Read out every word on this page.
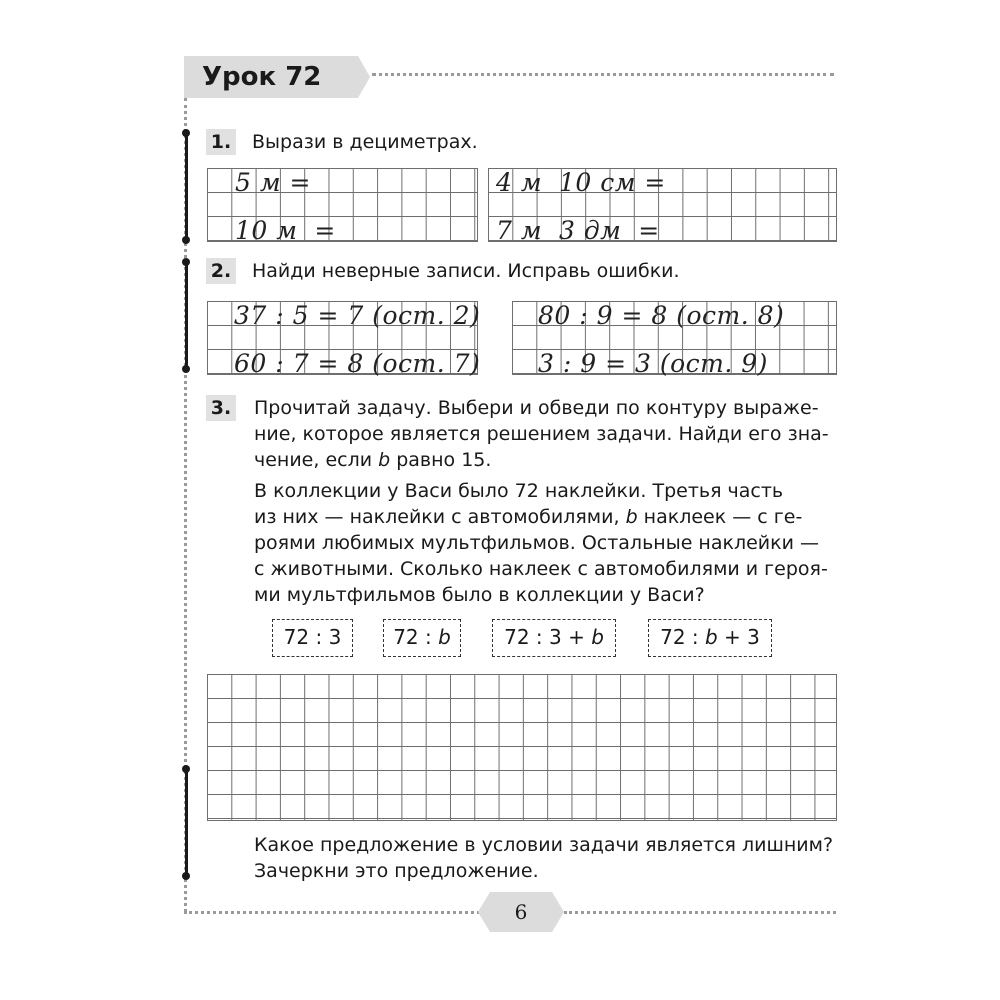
Урок 72
1. Вырази в дециметрах.
5 м =	4 м  10 см =
10 м  =	7 м  3 дм  =
2. Найди неверные записи. Исправь ошибки.
37 : 5 = 7 (ост. 2) 80 : 9 = 8 (ост. 8)
60 : 7 = 8 (ост. 7) 3 : 9 = 3 (ост. 9)
3. Прочитай задачу. Выбери и обведи по контуру выраже-
ние, которое является решением задачи. Найди его зна-
чение, если b равно 15.
В коллекции у Васи было 72 наклейки. Третья часть
из них — наклейки с автомобилями, b наклеек — с ге-
роями любимых мультфильмов. Остальные наклейки —
с животными. Сколько наклеек с автомобилями и героя-
ми мультфильмов было в коллекции у Васи?
72 : 3	72 : b	72 : 3 + b	72 : b + 3
Какое предложение в условии задачи является лишним?
Зачеркни это предложение.
6
